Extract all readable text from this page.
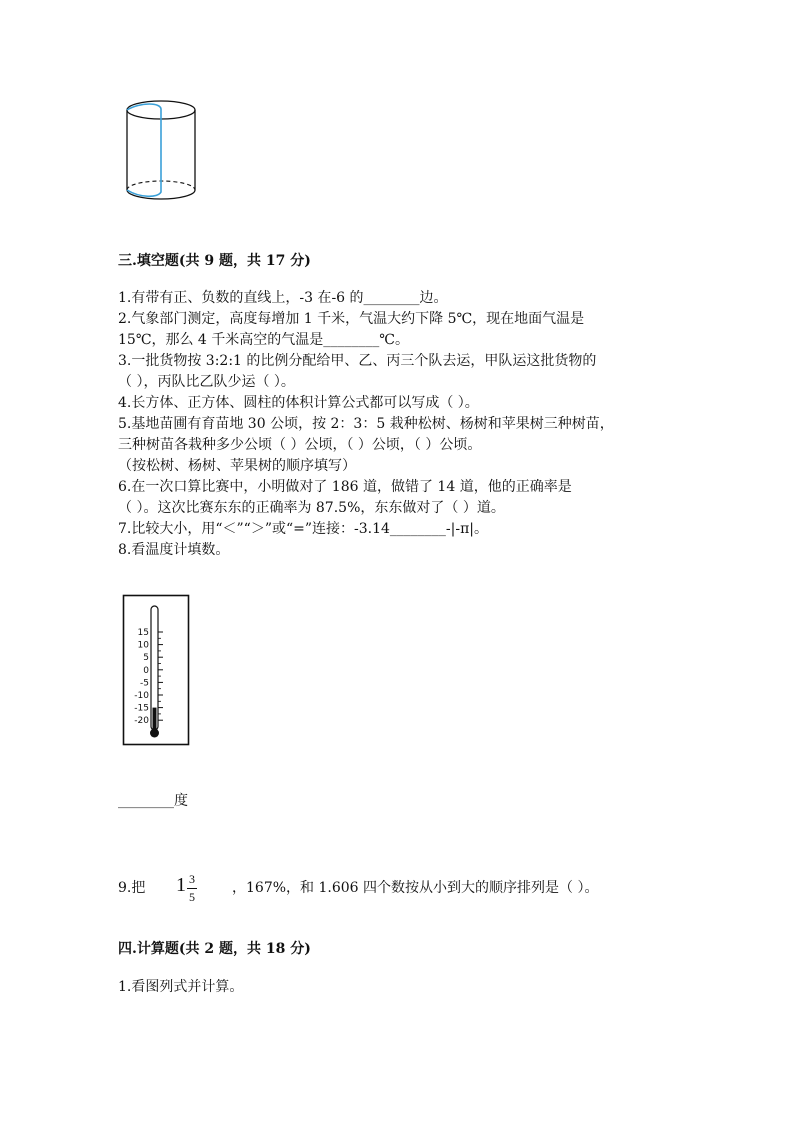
三.填空题(共 9 题，共 17 分)
1.有带有正、负数的直线上，-3 在-6 的________边。
2.气象部门测定，高度每增加 1 千米，气温大约下降 5℃，现在地面气温是
15℃，那么 4 千米高空的气温是________℃。
3.一批货物按 3:2:1 的比例分配给甲、乙、丙三个队去运，甲队运这批货物的
（ ），丙队比乙队少运（ ）。
4.长方体、正方体、圆柱的体积计算公式都可以写成（ ）。
5.基地苗圃有育苗地 30 公顷，按 2：3：5 栽种松树、杨树和苹果树三种树苗，
三种树苗各栽种多少公顷（ ）公顷，（ ）公顷，（ ）公顷。
（按松树、杨树、苹果树的顺序填写）
6.在一次口算比赛中，小明做对了 186 道，做错了 14 道，他的正确率是
（ ）。这次比赛东东的正确率为 87.5%，东东做对了（ ）道。
7.比较大小，用“＜”“＞”或“=”连接：-3.14________-|-π|。
8.看温度计填数。
15
10
5
0
-5
-10
-15
-20
________度
9.把 1 3
5
，167%，和 1.606 四个数按从小到大的顺序排列是（ ）。
四.计算题(共 2 题，共 18 分)
1.看图列式并计算。
